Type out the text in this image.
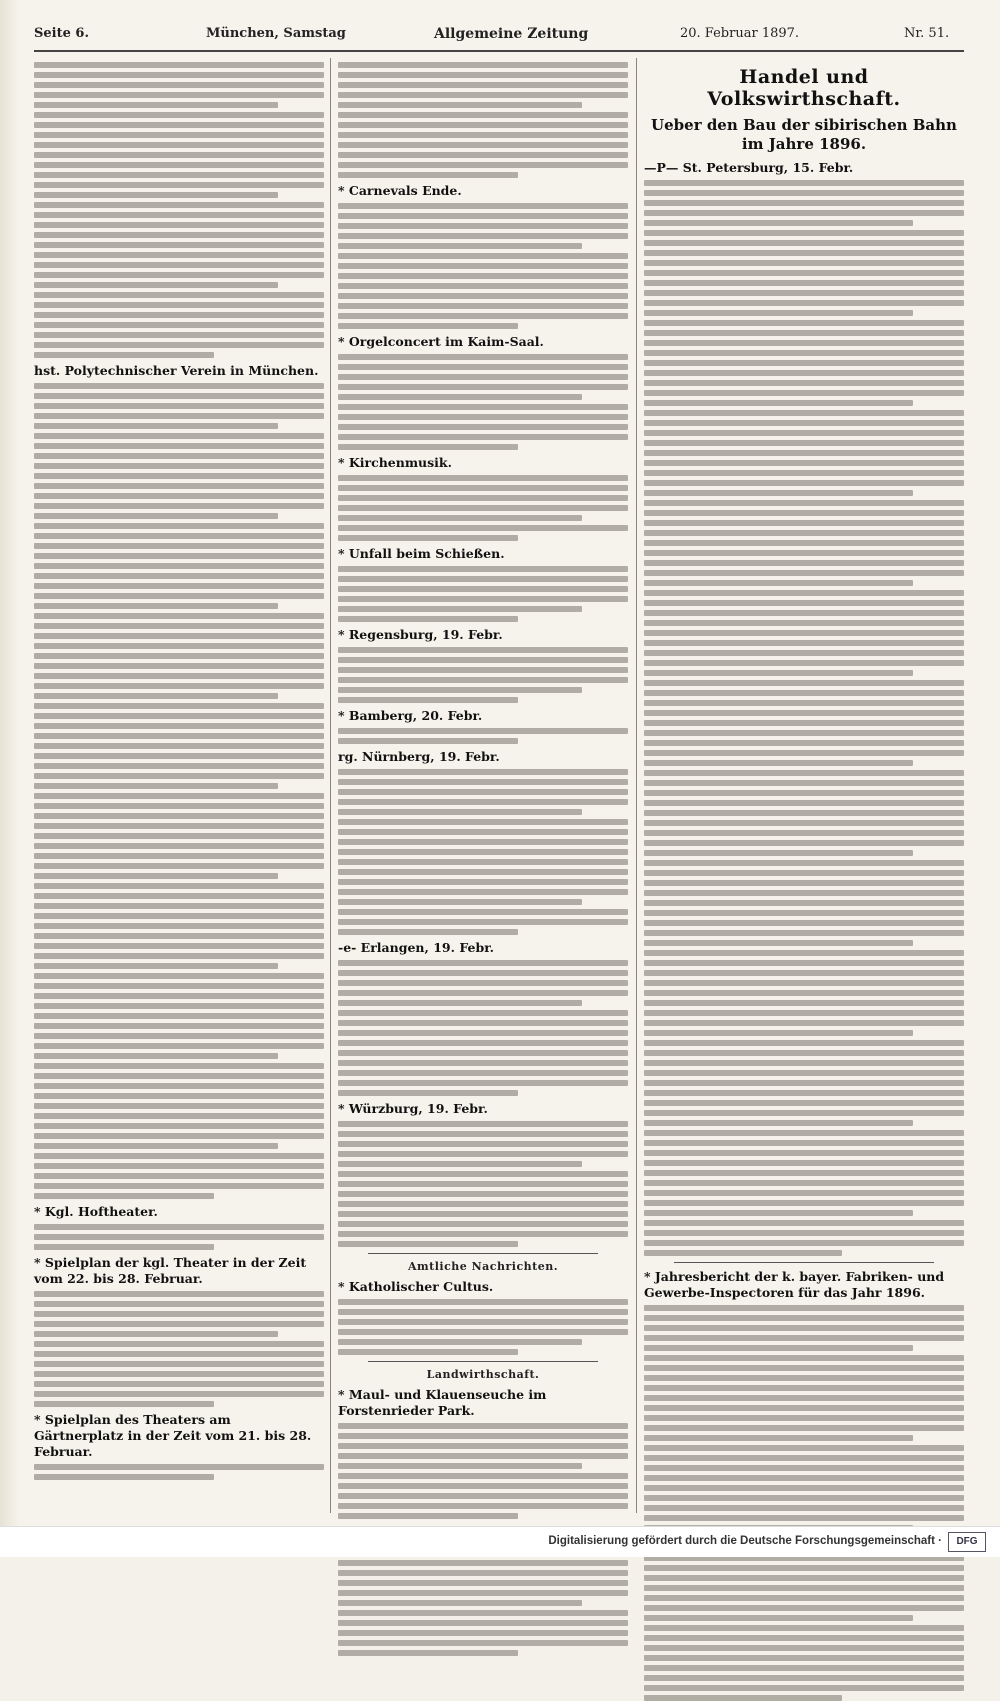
Seite 6.	München, Samstag	Allgemeine Zeitung	20. Februar 1897.	Nr. 51.
hst. Polytechnischer Verein in München.
* Kgl. Hoftheater.
* Spielplan der kgl. Theater in der Zeit vom 22. bis 28. Februar.
* Spielplan des Theaters am Gärtnerplatz in der Zeit vom 21. bis 28. Februar.
* Carnevals Ende.
* Orgelconcert im Kaim-Saal.
* Kirchenmusik.
* Unfall beim Schießen.
* Regensburg, 19. Febr.
* Bamberg, 20. Febr.
rg. Nürnberg, 19. Febr.
-e- Erlangen, 19. Febr.
* Würzburg, 19. Febr.
Amtliche Nachrichten.
* Katholischer Cultus.
Landwirthschaft.
* Maul- und Klauenseuche im Forstenrieder Park.
Handel und Volkswirthschaft.
Ueber den Bau der sibirischen Bahn im Jahre 1896.
—P— St. Petersburg, 15. Febr.
* Jahresbericht der k. bayer. Fabriken- und Gewerbe-Inspectoren für das Jahr 1896.
Digitalisierung gefördert durch die Deutsche Forschungsgemeinschaft ·	DFG
